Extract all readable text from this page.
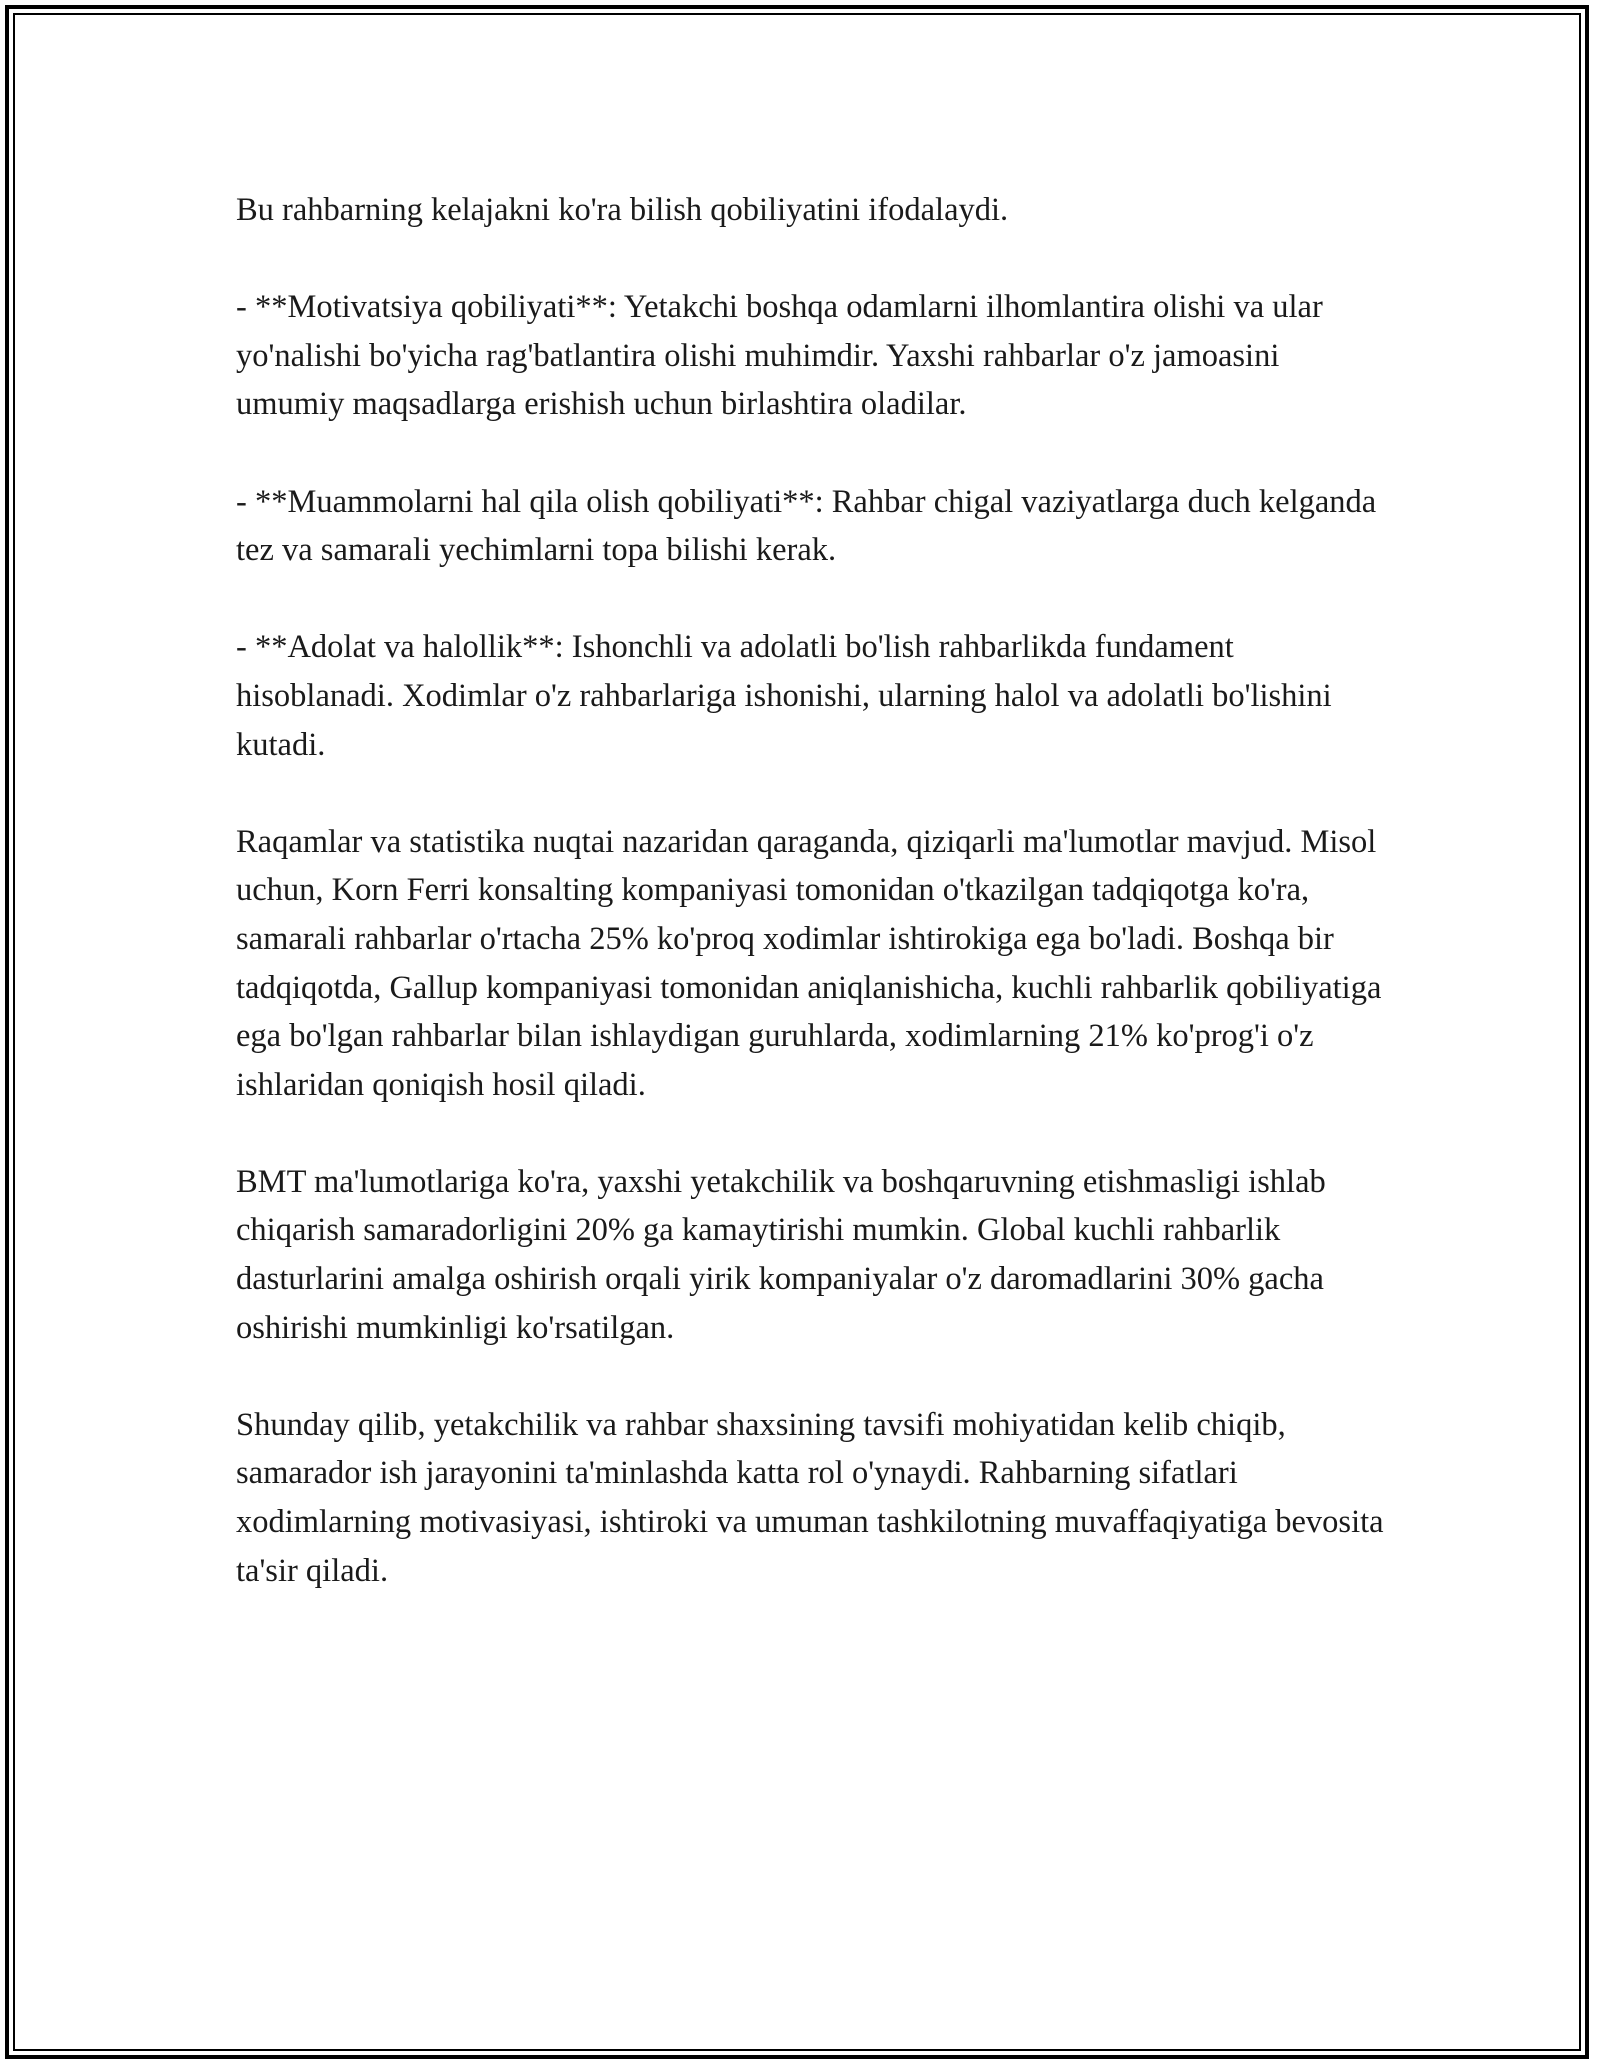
Bu rahbarning kelajakni ko'ra bilish qobiliyatini ifodalaydi.

- **Motivatsiya qobiliyati**: Yetakchi boshqa odamlarni ilhomlantira olishi va ular yo'nalishi bo'yicha rag'batlantira olishi muhimdir. Yaxshi rahbarlar o'z jamoasini umumiy maqsadlarga erishish uchun birlashtira oladilar.

- **Muammolarni hal qila olish qobiliyati**: Rahbar chigal vaziyatlarga duch kelganda tez va samarali yechimlarni topa bilishi kerak.

- **Adolat va halollik**: Ishonchli va adolatli bo'lish rahbarlikda fundament hisoblanadi. Xodimlar o'z rahbarlariga ishonishi, ularning halol va adolatli bo'lishini kutadi.

Raqamlar va statistika nuqtai nazaridan qaraganda, qiziqarli ma'lumotlar mavjud. Misol uchun, Korn Ferri konsalting kompaniyasi tomonidan o'tkazilgan tadqiqotga ko'ra, samarali rahbarlar o'rtacha 25% ko'proq xodimlar ishtirokiga ega bo'ladi. Boshqa bir tadqiqotda, Gallup kompaniyasi tomonidan aniqlanishicha, kuchli rahbarlik qobiliyatiga ega bo'lgan rahbarlar bilan ishlaydigan guruhlarda, xodimlarning 21% ko'prog'i o'z ishlaridan qoniqish hosil qiladi.

BMT ma'lumotlariga ko'ra, yaxshi yetakchilik va boshqaruvning etishmasligi ishlab chiqarish samaradorligini 20% ga kamaytirishi mumkin. Global kuchli rahbarlik dasturlarini amalga oshirish orqali yirik kompaniyalar o'z daromadlarini 30% gacha oshirishi mumkinligi ko'rsatilgan.

Shunday qilib, yetakchilik va rahbar shaxsining tavsifi mohiyatidan kelib chiqib, samarador ish jarayonini ta'minlashda katta rol o'ynaydi. Rahbarning sifatlari xodimlarning motivasiyasi, ishtiroki va umuman tashkilotning muvaffaqiyatiga bevosita ta'sir qiladi.
